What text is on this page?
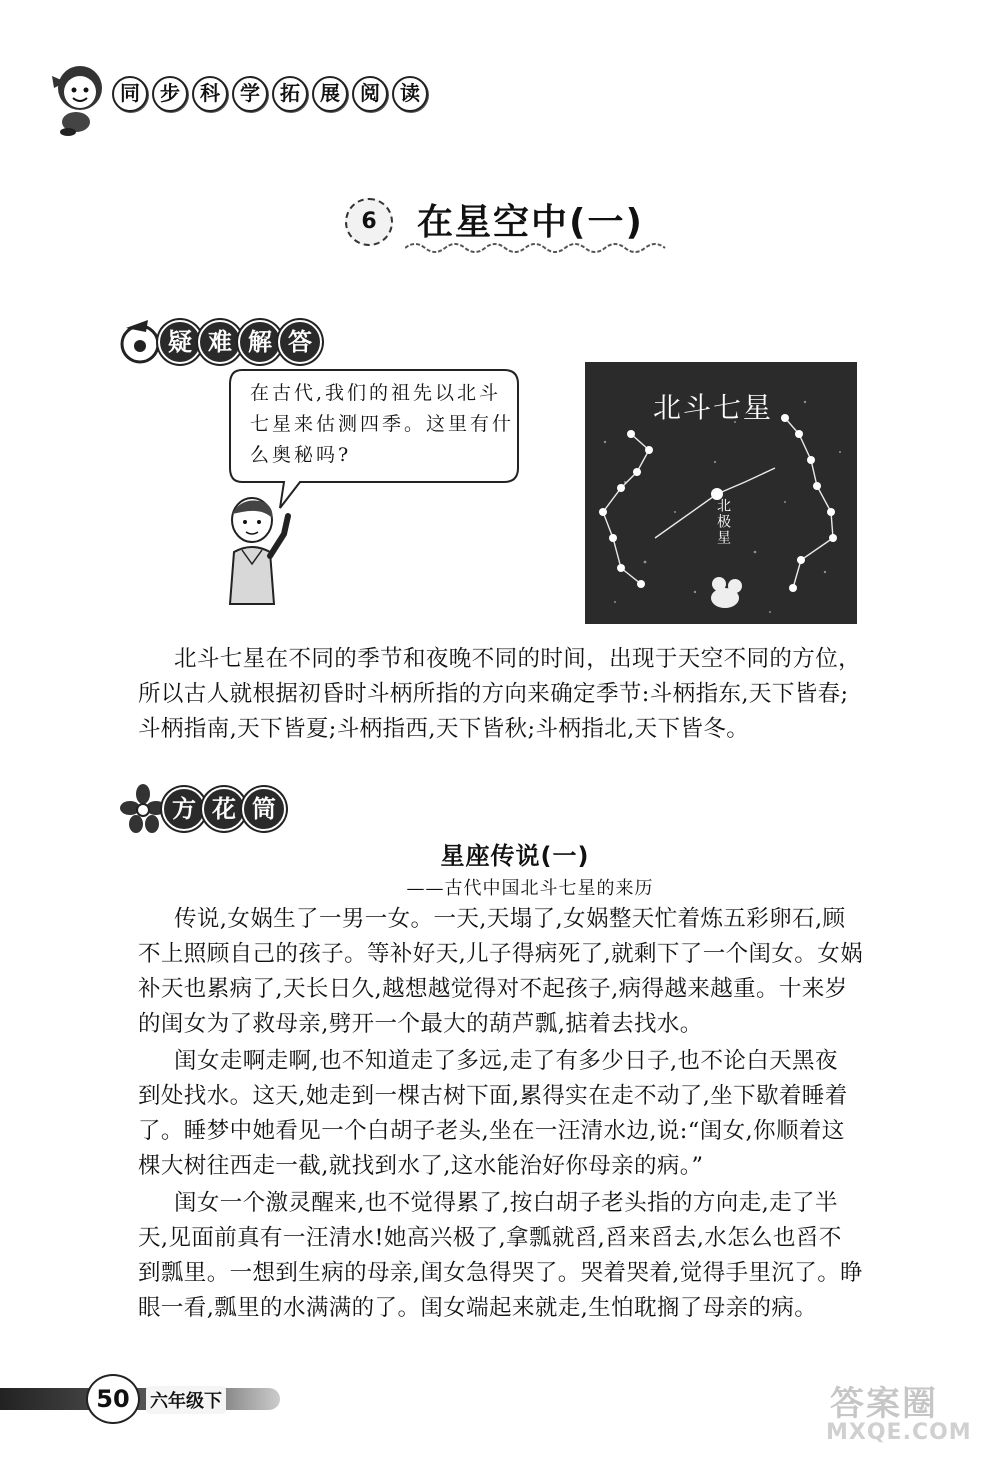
同	步	科	学	拓	展	阅	读
6	在星空中(一)
疑 难 解 答
在古代,我们的祖先以北斗七星来估测四季。这里有什么奥秘吗?
北斗七星
北极星
北斗七星在不同的季节和夜晚不同的时间，出现于天空不同的方位，
所以古人就根据初昏时斗柄所指的方向来确定季节:斗柄指东,天下皆春;
斗柄指南,天下皆夏;斗柄指西,天下皆秋;斗柄指北,天下皆冬。
方 花 筒
星座传说(一)
——古代中国北斗七星的来历
传说,女娲生了一男一女。一天,天塌了,女娲整天忙着炼五彩卵石,顾
不上照顾自己的孩子。等补好天,儿子得病死了,就剩下了一个闺女。女娲
补天也累病了,天长日久,越想越觉得对不起孩子,病得越来越重。十来岁
的闺女为了救母亲,劈开一个最大的葫芦瓢,掂着去找水。
闺女走啊走啊,也不知道走了多远,走了有多少日子,也不论白天黑夜
到处找水。这天,她走到一棵古树下面,累得实在走不动了,坐下歇着睡着
了。睡梦中她看见一个白胡子老头,坐在一汪清水边,说:“闺女,你顺着这
棵大树往西走一截,就找到水了,这水能治好你母亲的病。”
闺女一个激灵醒来,也不觉得累了,按白胡子老头指的方向走,走了半
天,见面前真有一汪清水!她高兴极了,拿瓢就舀,舀来舀去,水怎么也舀不
到瓢里。一想到生病的母亲,闺女急得哭了。哭着哭着,觉得手里沉了。睁
眼一看,瓢里的水满满的了。闺女端起来就走,生怕耽搁了母亲的病。
50	六年级下	答案圈
MXQE.COM
